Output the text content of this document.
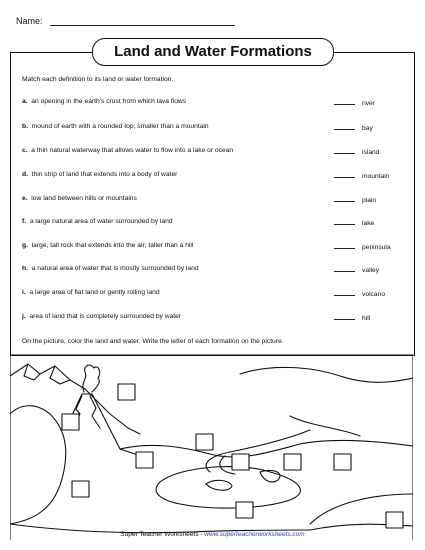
Name:
Land and Water Formations
Match each definition to its land or water formation.
a. an opening in the earth's crust from which lava flows	river
b. mound of earth with a rounded top; smaller than a mountain	bay
c. a thin natural waterway that allows water to flow into a lake or ocean	island
d. thin strip of land that extends into a body of water	mountain
e. low land between hills or mountains	plain
f. a large natural area of water surrounded by land	lake
g. large, tall rock that extends into the air; taller than a hill	peninsula
h. a natural area of water that is mostly surrounded by land	valley
i. a large area of flat land or gently rolling land	volcano
j. area of land that is completely surrounded by water	hill
On the picture, color the land and water. Write the letter of each formation on the picture.
Super Teacher Worksheets - www.superteacherworksheets.com
